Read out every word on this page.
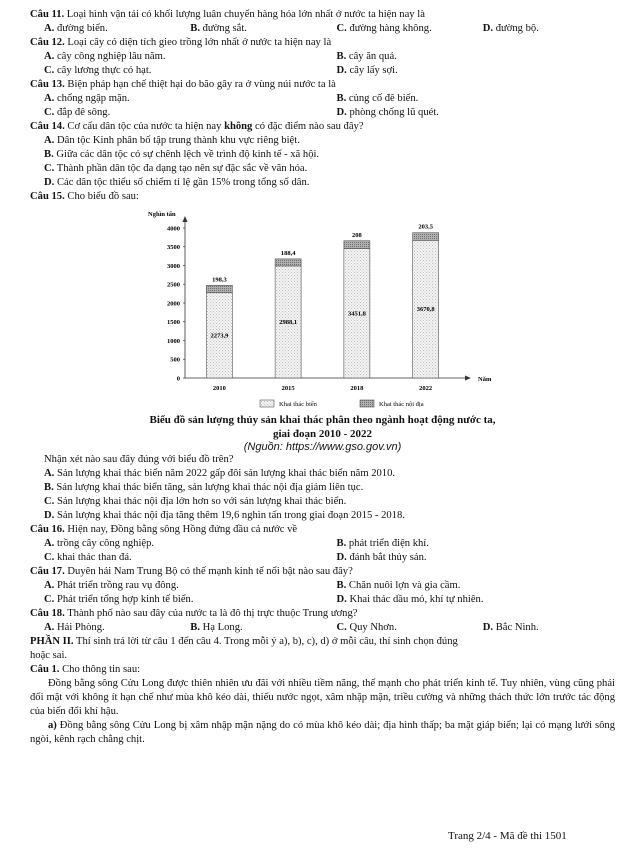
Câu 11. Loại hình vận tải có khối lượng luân chuyển hàng hóa lớn nhất ở nước ta hiện nay là

A. đường biển.	B. đường sắt.	C. đường hàng không.	D. đường bộ.

Câu 12. Loại cây có diện tích gieo trồng lớn nhất ở nước ta hiện nay là

A. cây công nghiệp lâu năm.	B. cây ăn quả.
C. cây lương thực có hạt.	D. cây lấy sợi.

Câu 13. Biện pháp hạn chế thiệt hại do bão gây ra ở vùng núi nước ta là

A. chống ngập mặn.	B. củng cố đê biển.
C. đắp đê sông.	D. phòng chống lũ quét.

Câu 14. Cơ cấu dân tộc của nước ta hiện nay không có đặc điểm nào sau đây?

A. Dân tộc Kinh phân bố tập trung thành khu vực riêng biệt.
B. Giữa các dân tộc có sự chênh lệch về trình độ kinh tế - xã hội.
C. Thành phần dân tộc đa dạng tạo nên sự đặc sắc về văn hóa.
D. Các dân tộc thiểu số chiếm tỉ lệ gần 15% trong tổng số dân.

Câu 15. Cho biểu đồ sau:

Nghìn tấn
Năm
0
500
1000
1500
2000
2500
3000
3500
4000
2273,9
198,3
2010
2988,1
188,4
2015
3451,8
208
2018
3670,8
203,5
2022
Khai thác biển	Khai thác nội địa
Biểu đồ sản lượng thủy sản khai thác phân theo ngành hoạt động nước ta,
giai đoạn 2010 - 2022
(Nguồn: https://www.gso.gov.vn)

Nhận xét nào sau đây đúng với biểu đồ trên?

A. Sản lượng khai thác biển năm 2022 gấp đôi sản lượng khai thác biển năm 2010.
B. Sản lượng khai thác biển tăng, sản lượng khai thác nội địa giảm liên tục.
C. Sản lượng khai thác nội địa lớn hơn so với sản lượng khai thác biển.
D. Sản lượng khai thác nội địa tăng thêm 19,6 nghìn tấn trong giai đoạn 2015 - 2018.

Câu 16. Hiện nay, Đồng bằng sông Hồng đứng đầu cả nước về

A. trồng cây công nghiệp.	B. phát triển điện khí.
C. khai thác than đá.	D. đánh bắt thủy sản.

Câu 17. Duyên hải Nam Trung Bộ có thế mạnh kinh tế nổi bật nào sau đây?

A. Phát triển trồng rau vụ đông.	B. Chăn nuôi lợn và gia cầm.
C. Phát triển tổng hợp kinh tế biển.	D. Khai thác dầu mỏ, khí tự nhiên.

Câu 18. Thành phố nào sau đây của nước ta là đô thị trực thuộc Trung ương?

A. Hải Phòng.	B. Hạ Long.	C. Quy Nhơn.	D. Bắc Ninh.

PHẦN II. Thí sinh trả lời từ câu 1 đến câu 4. Trong mỗi ý a), b), c), d) ở mỗi câu, thí sinh chọn đúng

hoặc sai.

Câu 1. Cho thông tin sau:

Đồng bằng sông Cửu Long được thiên nhiên ưu đãi với nhiều tiềm năng, thế mạnh cho phát triển kinh tế. Tuy nhiên, vùng cũng phải đối mặt với không ít hạn chế như mùa khô kéo dài, thiếu nước ngọt, xâm nhập mặn, triều cường và những thách thức lớn trước tác động của biến đổi khí hậu.

a) Đồng bằng sông Cửu Long bị xâm nhập mặn nặng do có mùa khô kéo dài; địa hình thấp; ba mặt giáp biển; lại có mạng lưới sông ngòi, kênh rạch chằng chịt.

Trang 2/4 - Mã đề thi 1501
